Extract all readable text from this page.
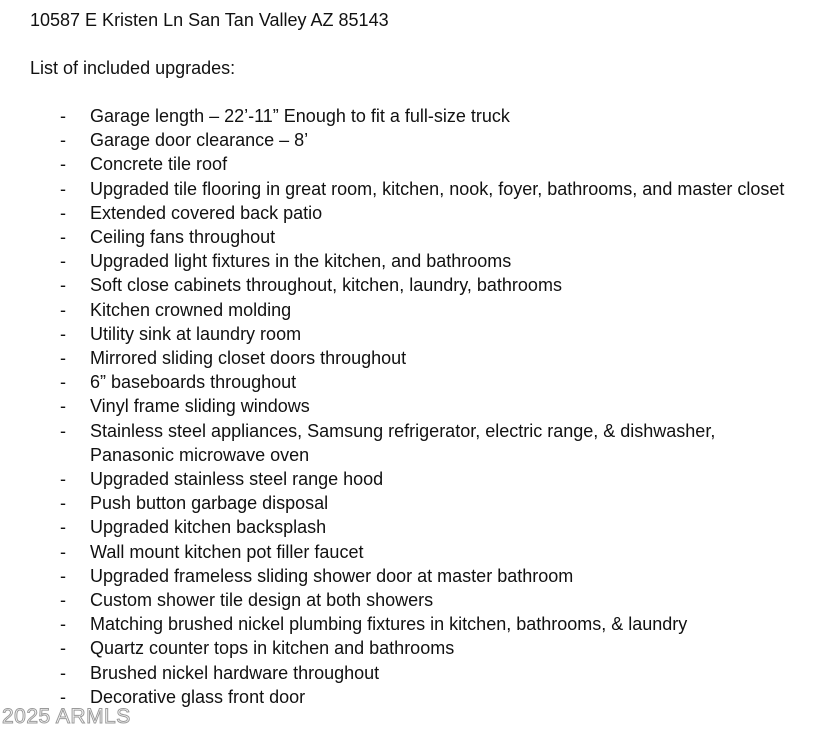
10587 E Kristen Ln San Tan Valley AZ 85143
List of included upgrades:
- Garage length – 22’-11” Enough to fit a full-size truck
- Garage door clearance – 8’
- Concrete tile roof
- Upgraded tile flooring in great room, kitchen, nook, foyer, bathrooms, and master closet
- Extended covered back patio
- Ceiling fans throughout
- Upgraded light fixtures in the kitchen, and bathrooms
- Soft close cabinets throughout, kitchen, laundry, bathrooms
- Kitchen crowned molding
- Utility sink at laundry room
- Mirrored sliding closet doors throughout
- 6” baseboards throughout
- Vinyl frame sliding windows
- Stainless steel appliances, Samsung refrigerator, electric range, & dishwasher, Panasonic microwave oven
- Upgraded stainless steel range hood
- Push button garbage disposal
- Upgraded kitchen backsplash
- Wall mount kitchen pot filler faucet
- Upgraded frameless sliding shower door at master bathroom
- Custom shower tile design at both showers
- Matching brushed nickel plumbing fixtures in kitchen, bathrooms, & laundry
- Quartz counter tops in kitchen and bathrooms
- Brushed nickel hardware throughout
- Decorative glass front door
2025 ARMLS
